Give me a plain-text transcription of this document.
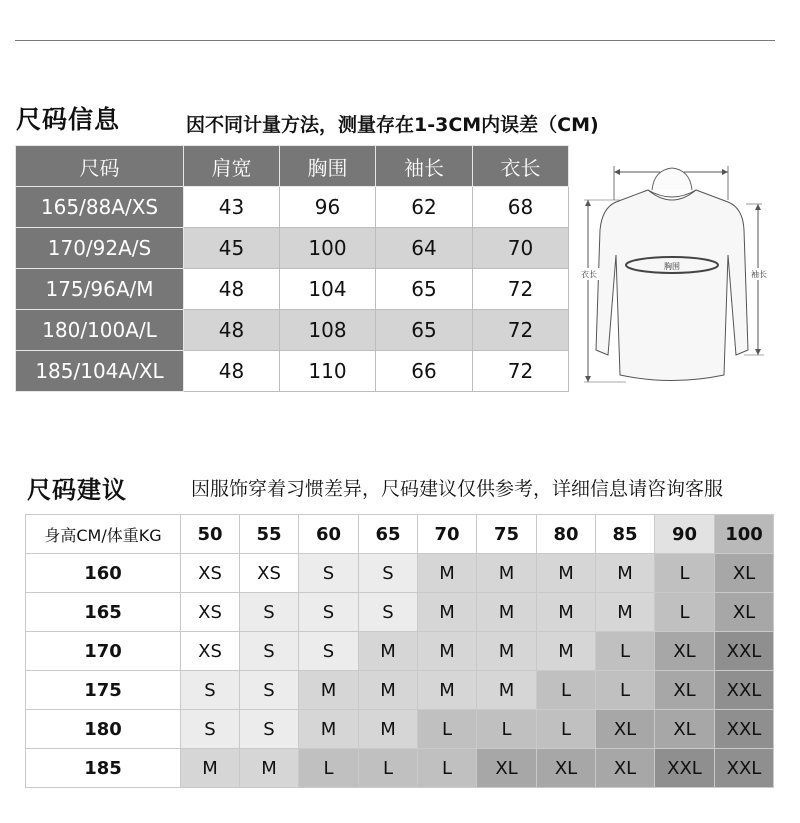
尺码信息	因不同计量方法，测量存在1-3CM内误差（CM)
尺码	肩宽	胸围	袖长	衣长
165/88A/XS	43	96	62	68
170/92A/S	45	100	64	70
175/96A/M	48	104	65	72
180/100A/L	48	108	65	72
185/104A/XL	48	110	66	72
胸围
衣长	袖长
尺码建议	因服饰穿着习惯差异，尺码建议仅供参考，详细信息请咨询客服
身高CM/体重KG	50	55	60	65	70	75	80	85	90	100
160	XS	XS	S	S	M	M	M	M	L	XL
165	XS	S	S	S	M	M	M	M	L	XL
170	XS	S	S	M	M	M	M	L	XL	XXL
175	S	S	M	M	M	M	L	L	XL	XXL
180	S	S	M	M	L	L	L	XL	XL	XXL
185	M	M	L	L	L	XL	XL	XL	XXL	XXL
